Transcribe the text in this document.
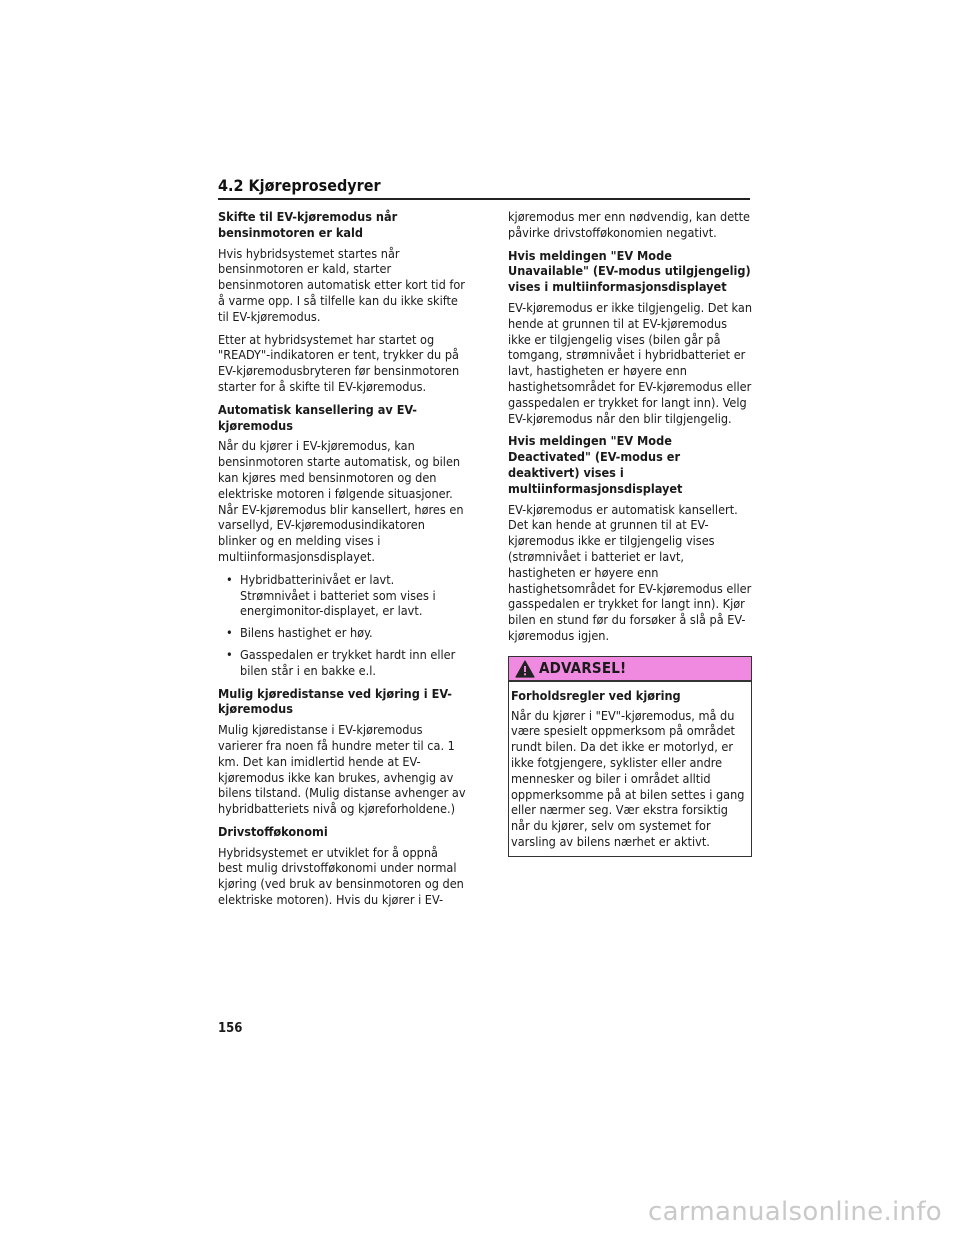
4.2 Kjøreprosedyrer
Skifte til EV-kjøremodus når bensinmotoren er kald
Hvis hybridsystemet startes når bensinmotoren er kald, starter bensinmotoren automatisk etter kort tid for å varme opp. I så tilfelle kan du ikke skifte til EV-kjøremodus.
Etter at hybridsystemet har startet og "READY"-indikatoren er tent, trykker du på EV-kjøremodusbryteren før bensinmotoren starter for å skifte til EV-kjøremodus.
Automatisk kansellering av EV-kjøremodus
Når du kjører i EV-kjøremodus, kan bensinmotoren starte automatisk, og bilen kan kjøres med bensinmotoren og den elektriske motoren i følgende situasjoner. Når EV-kjøremodus blir kansellert, høres en varsellyd, EV-kjøremodusindikatoren blinker og en melding vises i multiinformasjonsdisplayet.
• Hybridbatterinivået er lavt. Strømnivået i batteriet som vises i energimonitor-displayet, er lavt.
• Bilens hastighet er høy.
• Gasspedalen er trykket hardt inn eller bilen står i en bakke e.l.
Mulig kjøredistanse ved kjøring i EV-kjøremodus
Mulig kjøredistanse i EV-kjøremodus varierer fra noen få hundre meter til ca. 1 km. Det kan imidlertid hende at EV-kjøremodus ikke kan brukes, avhengig av bilens tilstand. (Mulig distanse avhenger av hybridbatteriets nivå og kjøreforholdene.)
Drivstofføkonomi
Hybridsystemet er utviklet for å oppnå best mulig drivstofføkonomi under normal kjøring (ved bruk av bensinmotoren og den elektriske motoren). Hvis du kjører i EV-
kjøremodus mer enn nødvendig, kan dette påvirke drivstofføkonomien negativt.
Hvis meldingen "EV Mode Unavailable" (EV-modus utilgjengelig) vises i multiinformasjonsdisplayet
EV-kjøremodus er ikke tilgjengelig. Det kan hende at grunnen til at EV-kjøremodus ikke er tilgjengelig vises (bilen går på tomgang, strømnivået i hybridbatteriet er lavt, hastigheten er høyere enn hastighetsområdet for EV-kjøremodus eller gasspedalen er trykket for langt inn). Velg EV-kjøremodus når den blir tilgjengelig.
Hvis meldingen "EV Mode Deactivated" (EV-modus er deaktivert) vises i multiinformasjonsdisplayet
EV-kjøremodus er automatisk kansellert. Det kan hende at grunnen til at EV-kjøremodus ikke er tilgjengelig vises (strømnivået i batteriet er lavt, hastigheten er høyere enn hastighetsområdet for EV-kjøremodus eller gasspedalen er trykket for langt inn). Kjør bilen en stund før du forsøker å slå på EV-kjøremodus igjen.
ADVARSEL!
Forholdsregler ved kjøring
Når du kjører i "EV"-kjøremodus, må du være spesielt oppmerksom på området rundt bilen. Da det ikke er motorlyd, er ikke fotgjengere, syklister eller andre mennesker og biler i området alltid oppmerksomme på at bilen settes i gang eller nærmer seg. Vær ekstra forsiktig når du kjører, selv om systemet for varsling av bilens nærhet er aktivt.
156
carmanualsonline.info
